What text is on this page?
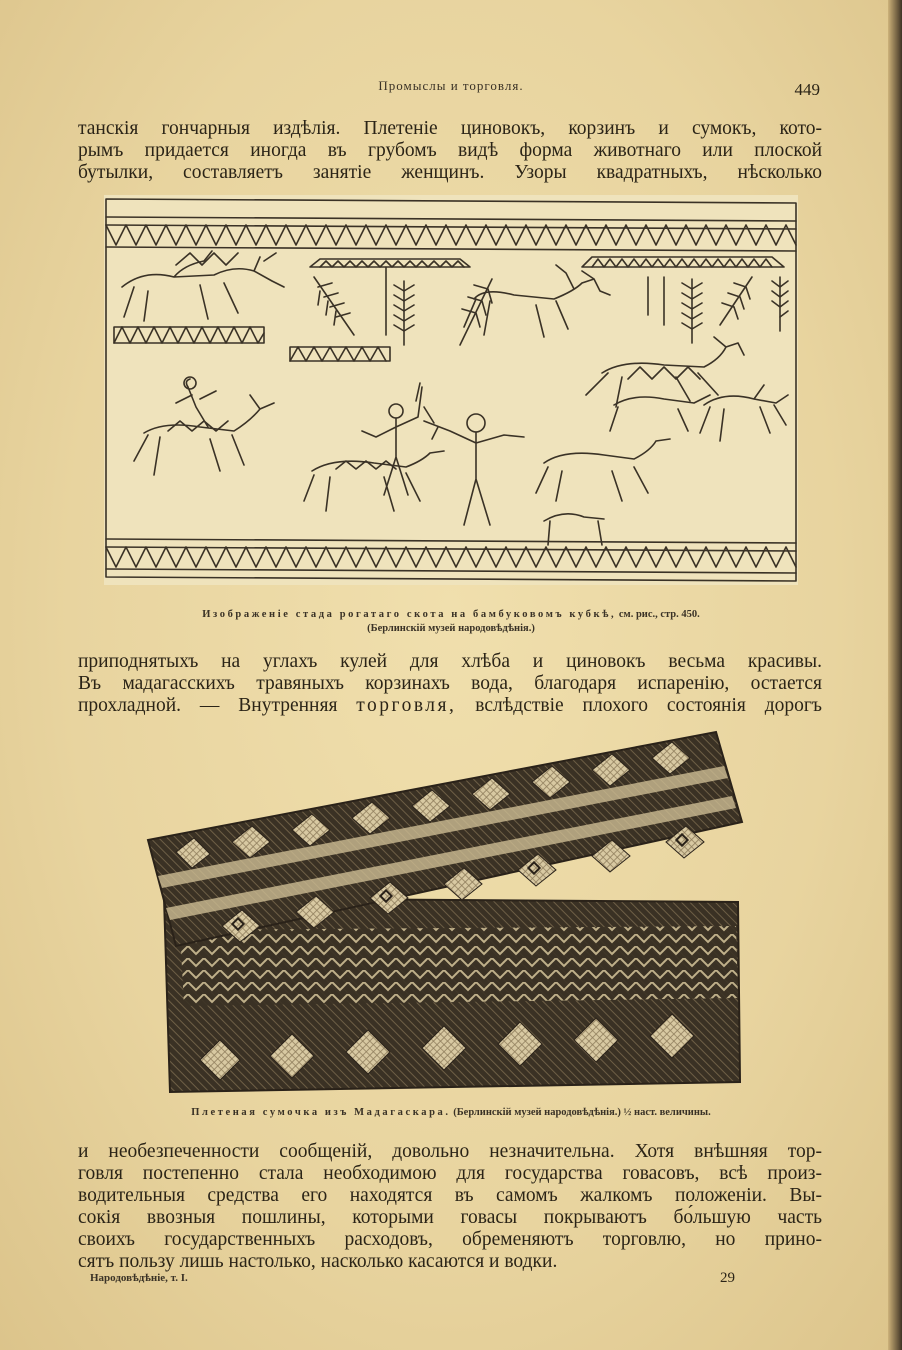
Промыслы и торговля.	449
танскія гончарныя издѣлія. Плетеніе циновокъ, корзинъ и сумокъ, кото-
рымъ придается иногда въ грубомъ видѣ форма животнаго или плоской
бутылки, составляетъ занятіе женщинъ. Узоры квадратныхъ, нѣсколько
Изображеніе стада рогатаго скота на бамбуковомъ кубкѣ, см. рис., стр. 450.
(Берлинскій музей народовѣдѣнія.)
приподнятыхъ на углахъ кулей для хлѣба и циновокъ весьма красивы.
Въ мадагасскихъ травяныхъ корзинахъ вода, благодаря испаренію, остается
прохладной. — Внутренняя торговля, вслѣдствіе плохого состоянія дорогъ
Плетеная сумочка изъ Мадагаскара. (Берлинскій музей народовѣдѣнія.) ½ наст. величины.
и необезпеченности сообщеній, довольно незначительна. Хотя внѣшняя тор-
говля постепенно стала необходимою для государства говасовъ, всѣ произ-
водительныя средства его находятся въ самомъ жалкомъ положеніи. Вы-
сокія ввозныя пошлины, которыми говасы покрываютъ бо́льшую часть
своихъ государственныхъ расходовъ, обременяютъ торговлю, но прино-
сятъ пользу лишь настолько, насколько касаются и водки.
Народовѣдѣніе, т. I.	29
